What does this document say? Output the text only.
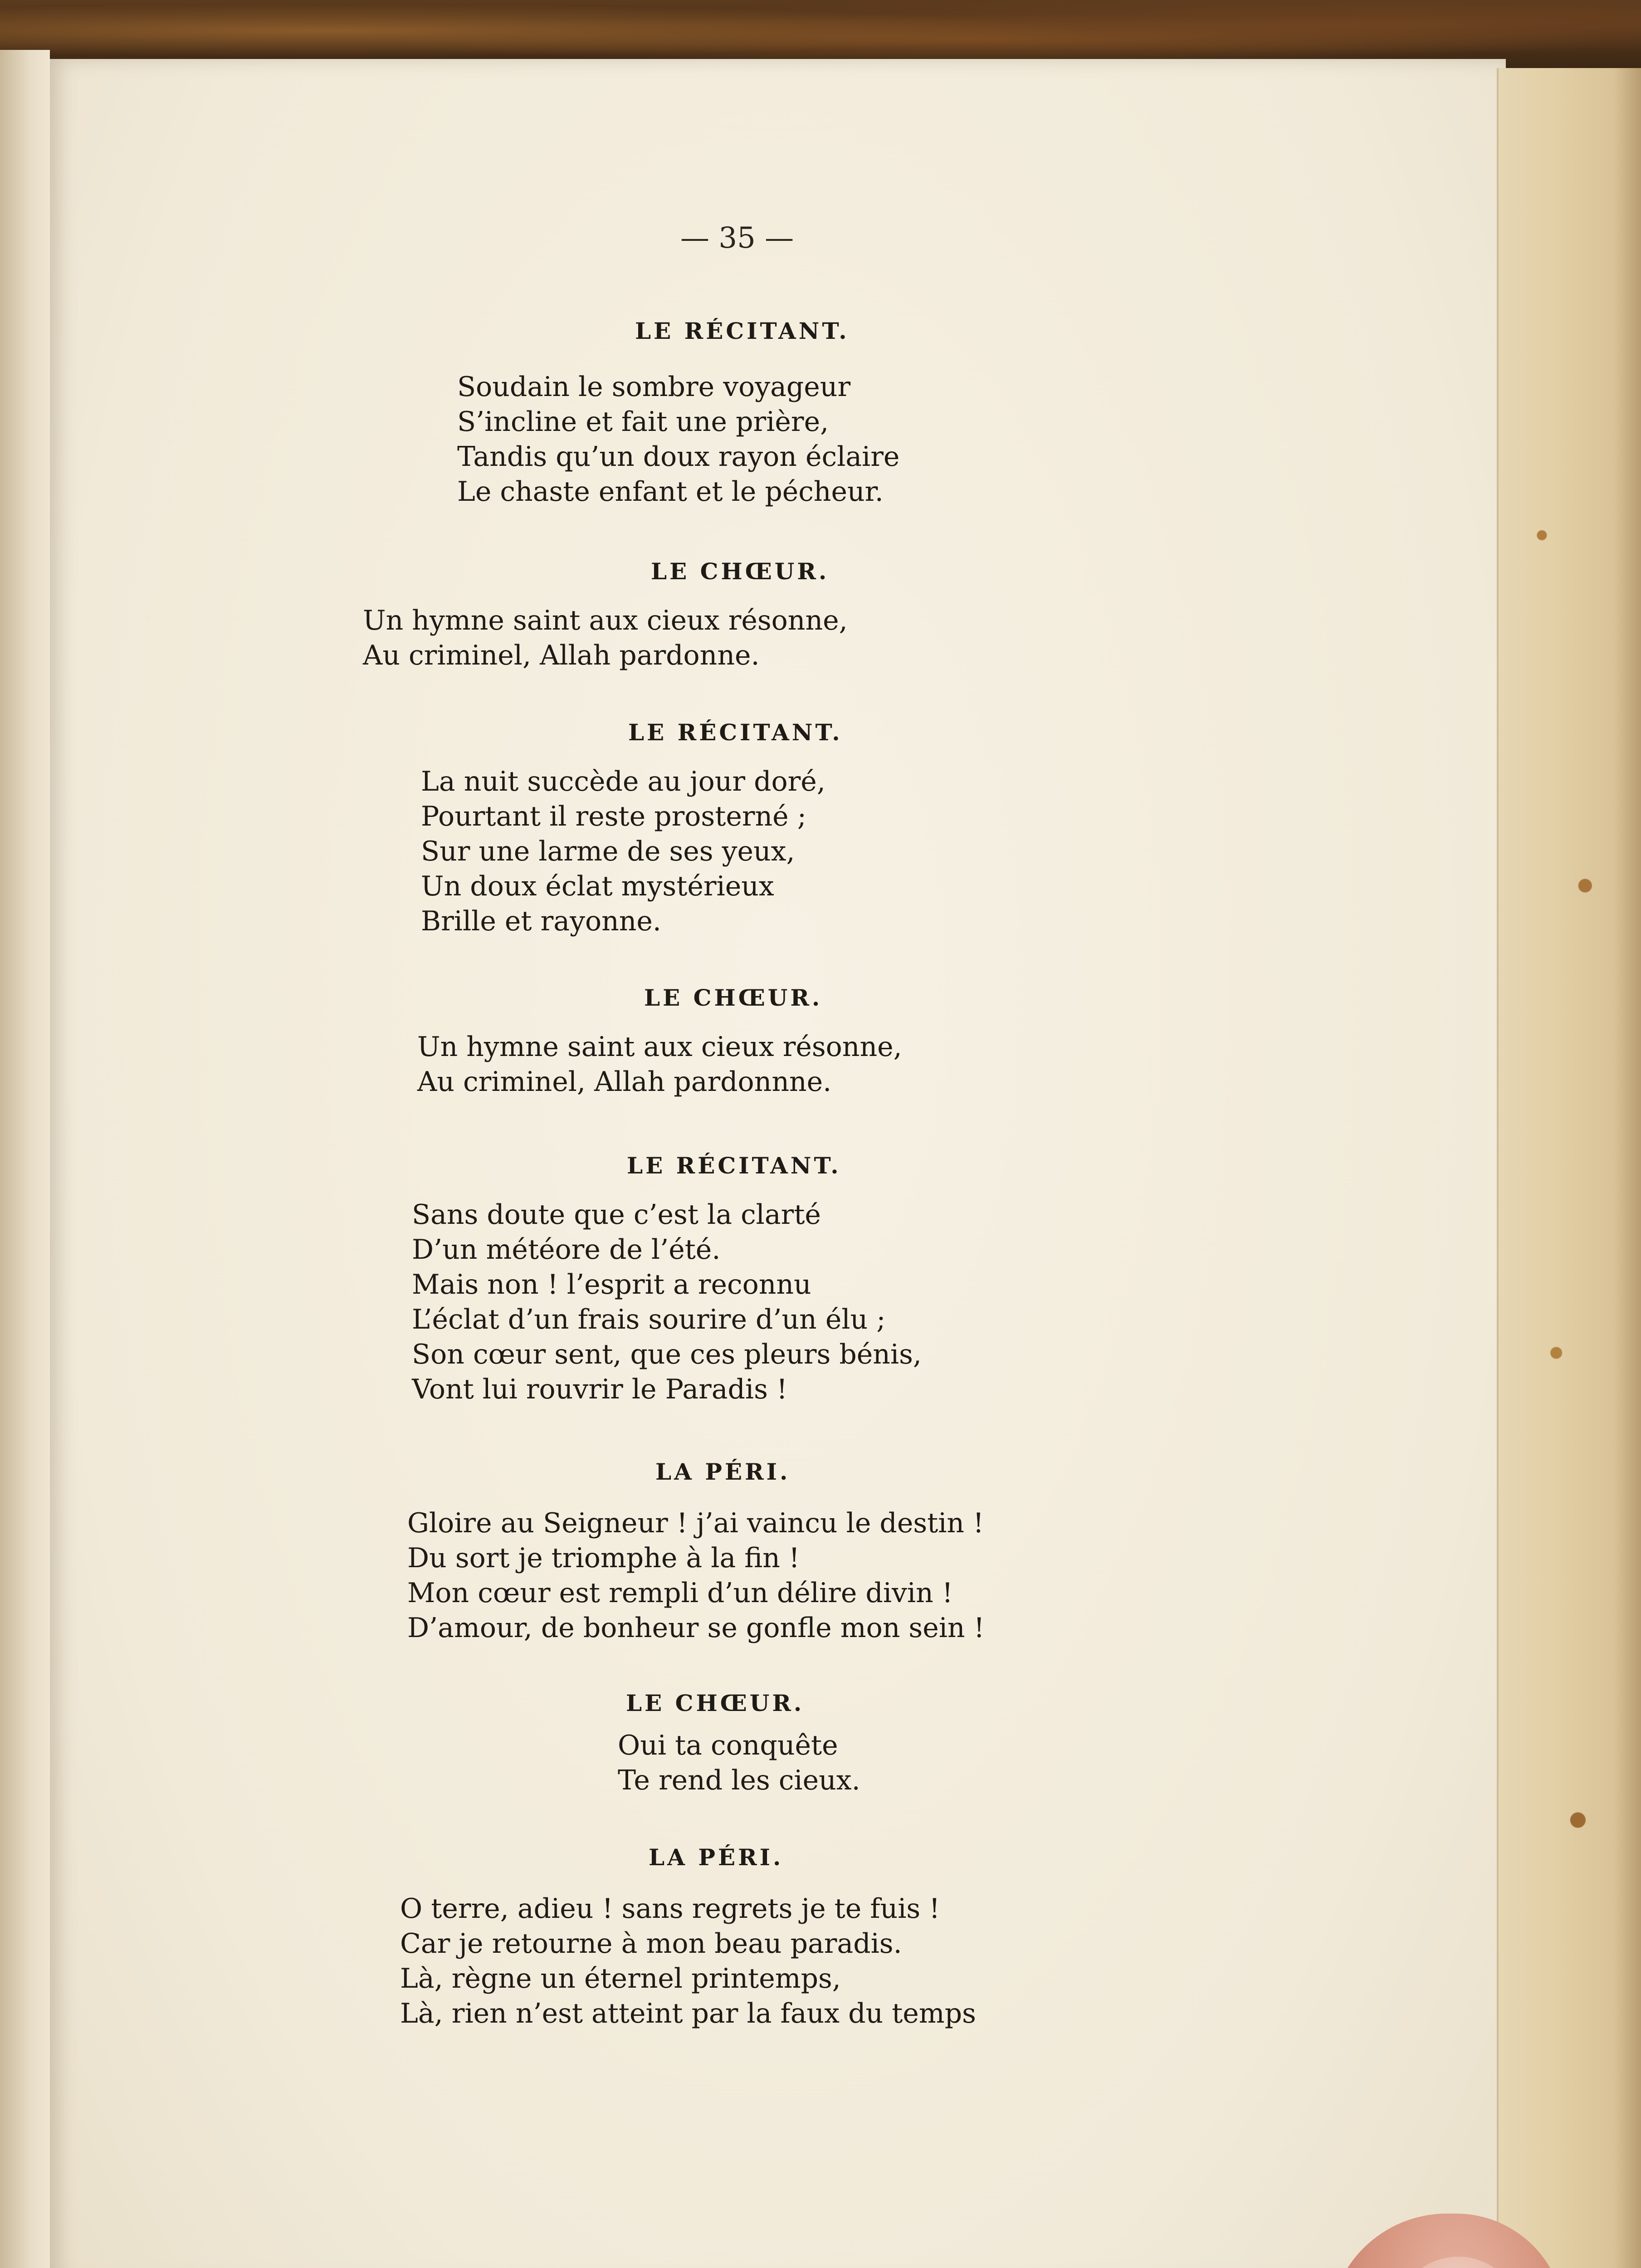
— 35 —
LE RÉCITANT.
Soudain le sombre voyageur
S’incline et fait une prière,
Tandis qu’un doux rayon éclaire
Le chaste enfant et le pécheur.
LE CHŒUR.
Un hymne saint aux cieux résonne,
Au criminel, Allah pardonne.
LE RÉCITANT.
La nuit succède au jour doré,
Pourtant il reste prosterné ;
Sur une larme de ses yeux,
Un doux éclat mystérieux
Brille et rayonne.
LE CHŒUR.
Un hymne saint aux cieux résonne,
Au criminel, Allah pardonnne.
LE RÉCITANT.
Sans doute que c’est la clarté
D’un météore de l’été.
Mais non ! l’esprit a reconnu
L’éclat d’un frais sourire d’un élu ;
Son cœur sent, que ces pleurs bénis,
Vont lui rouvrir le Paradis !
LA PÉRI.
Gloire au Seigneur ! j’ai vaincu le destin !
Du sort je triomphe à la fin !
Mon cœur est rempli d’un délire divin !
D’amour, de bonheur se gonfle mon sein !
LE CHŒUR.
Oui ta conquête
Te rend les cieux.
LA PÉRI.
O terre, adieu ! sans regrets je te fuis !
Car je retourne à mon beau paradis.
Là, règne un éternel printemps,
Là, rien n’est atteint par la faux du temps
